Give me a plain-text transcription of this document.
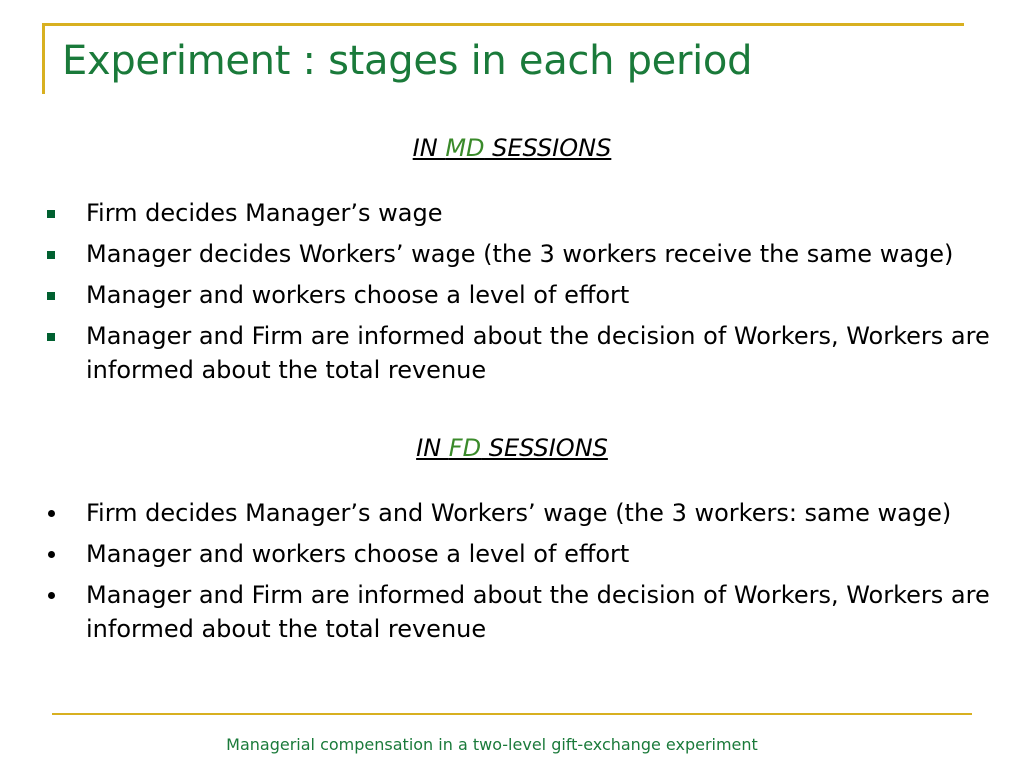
Experiment : stages in each period
IN MD SESSIONS
Firm decides Manager’s wage
Manager decides Workers’ wage (the 3 workers receive the same wage)
Manager and workers choose a level of effort
Manager and Firm are informed about the decision of Workers, Workers are informed about the total revenue
IN FD SESSIONS
Firm decides Manager’s and Workers’ wage (the 3 workers: same wage)
Manager and workers choose a level of effort
Manager and Firm are informed about the decision of Workers, Workers are informed about the total revenue
Managerial compensation in a two-level gift-exchange experiment
